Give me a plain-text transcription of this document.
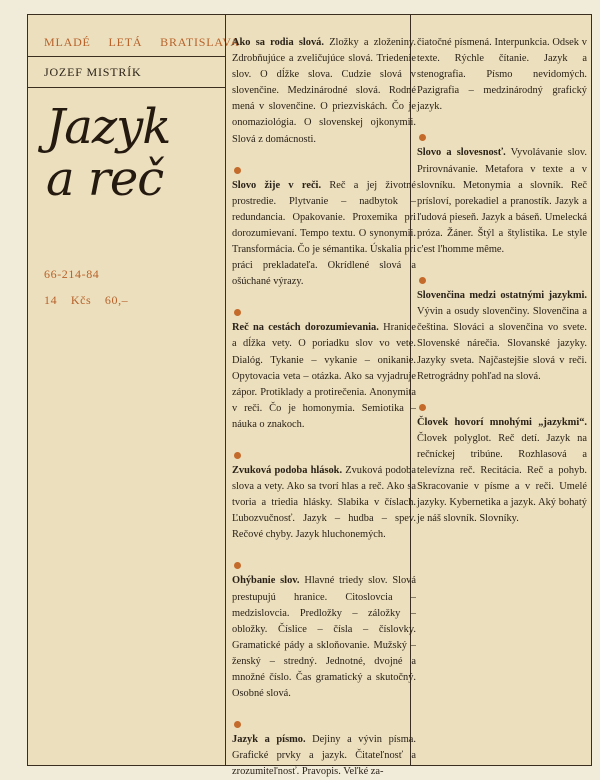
MLADÉ LETÁ BRATISLAVA
JOZEF MISTRÍK
Jazyk
a reč
66-214-84
14 Kčs 60,–

Ako sa rodia slová. Zložky a zloženiny. Zdrobňujúce a zveličujúce slová. Triedenie slov. O dĺžke slova. Cudzie slová v slovenčine. Medzinárodné slová. Rodné mená v slovenčine. O priezviskách. Čo je onomaziológia. O slovenskej ojkonymii. Slová z domácnosti.

Slovo žije v reči. Reč a jej životné prostredie. Plytvanie – nadbytok – redundancia. Opakovanie. Proxemika pri dorozumievaní. Tempo textu. O synonymii. Transformácia. Čo je sémantika. Úskalia pri práci prekladateľa. Okrídlené slová a ošúchané výrazy.

Reč na cestách dorozumievania. Hranice a dĺžka vety. O poriadku slov vo vete. Dialóg. Tykanie – vykanie – onikanie. Opytovacia veta – otázka. Ako sa vyjadruje zápor. Protiklady a protirečenia. Anonymita v reči. Čo je homonymia. Semiotika – náuka o znakoch.

Zvuková podoba hlások. Zvuková podoba slova a vety. Ako sa tvorí hlas a reč. Ako sa tvoria a triedia hlásky. Slabika v číslach. Ľubozvučnosť. Jazyk – hudba – spev. Rečové chyby. Jazyk hluchonemých.

Ohýbanie slov. Hlavné triedy slov. Slová prestupujú hranice. Citoslovcia – medzislovcia. Predložky – záložky – obložky. Číslice – čísla – číslovky. Gramatické pády a skloňovanie. Mužský – ženský – stredný. Jednotné, dvojné a množné číslo. Čas gramatický a skutočný. Osobné slová.

Jazyk a písmo. Dejiny a vývin písma. Grafické prvky a jazyk. Čitateľnosť a zrozumiteľnosť. Pravopis. Veľké za-

čiatočné písmená. Interpunkcia. Odsek v texte. Rýchle čítanie. Jazyk a stenografia. Písmo nevidomých. Pazigrafia – medzinárodný grafický jazyk.

Slovo a slovesnosť. Vyvolávanie slov. Prirovnávanie. Metafora v texte a v slovníku. Metonymia a slovník. Reč prísloví, porekadiel a pranostík. Jazyk a ľudová pieseň. Jazyk a báseň. Umelecká próza. Žáner. Štýl a štylistika. Le style c'est l'homme même.

Slovenčina medzi ostatnými jazykmi. Vývin a osudy slovenčiny. Slovenčina a čeština. Slováci a slovenčina vo svete. Slovenské nárečia. Slovanské jazyky. Jazyky sveta. Najčastejšie slová v reči. Retrográdny pohľad na slová.

Človek hovorí mnohými „jazykmi“. Človek polyglot. Reč detí. Jazyk na rečníckej tribúne. Rozhlasová a televízna reč. Recitácia. Reč a pohyb. Skracovanie v písme a v reči. Umelé jazyky. Kybernetika a jazyk. Aký bohatý je náš slovník. Slovníky.
